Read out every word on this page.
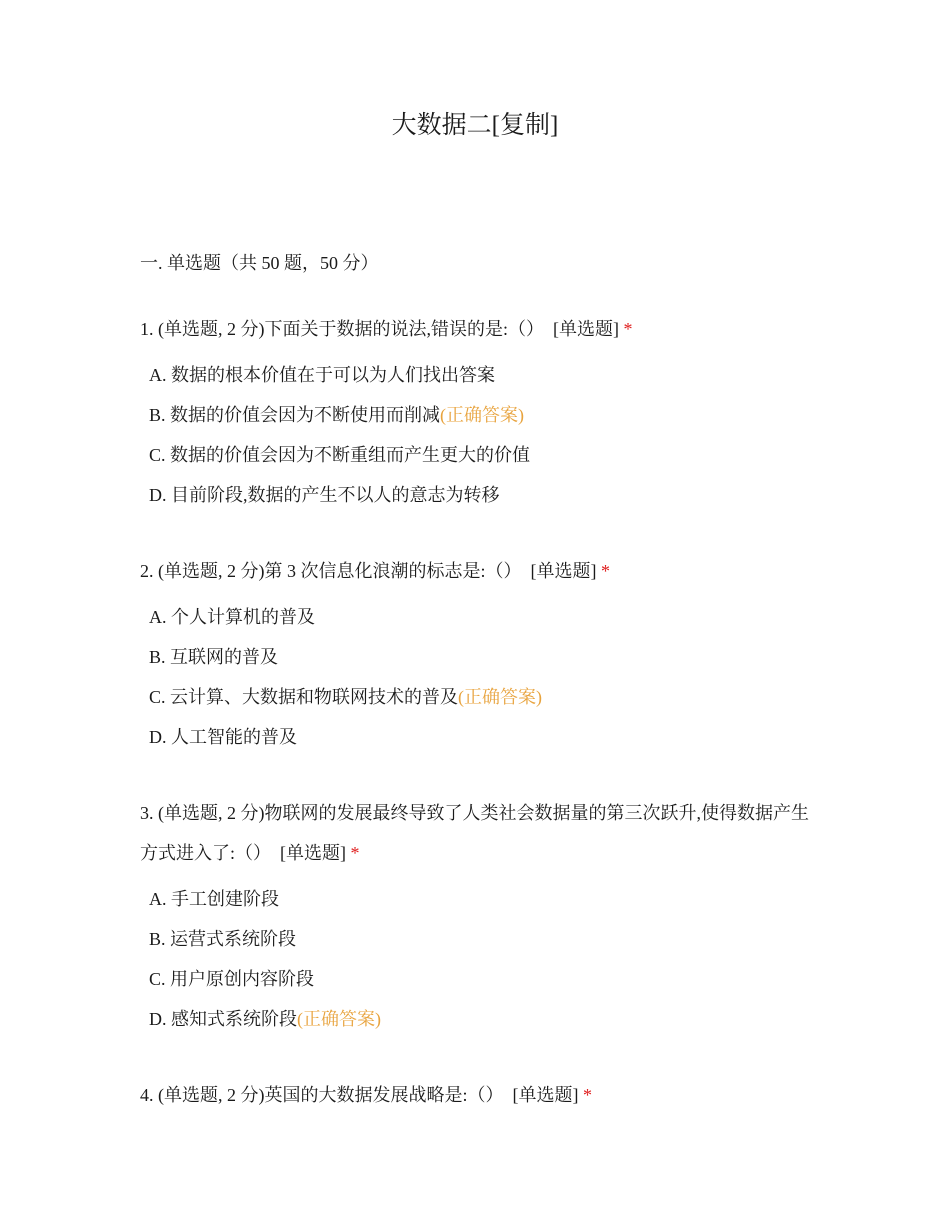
大数据二[复制]
一. 单选题（共 50 题，50 分）

1. (单选题, 2 分)下面关于数据的说法,错误的是:（） [单选题] *

A. 数据的根本价值在于可以为人们找出答案
B. 数据的价值会因为不断使用而削减(正确答案)
C. 数据的价值会因为不断重组而产生更大的价值
D. 目前阶段,数据的产生不以人的意志为转移

2. (单选题, 2 分)第 3 次信息化浪潮的标志是:（） [单选题] *

A. 个人计算机的普及
B. 互联网的普及
C. 云计算、大数据和物联网技术的普及(正确答案)
D. 人工智能的普及

3. (单选题, 2 分)物联网的发展最终导致了人类社会数据量的第三次跃升,使得数据产生方式进入了:（） [单选题] *

A. 手工创建阶段
B. 运营式系统阶段
C. 用户原创内容阶段
D. 感知式系统阶段(正确答案)

4. (单选题, 2 分)英国的大数据发展战略是:（） [单选题] *
